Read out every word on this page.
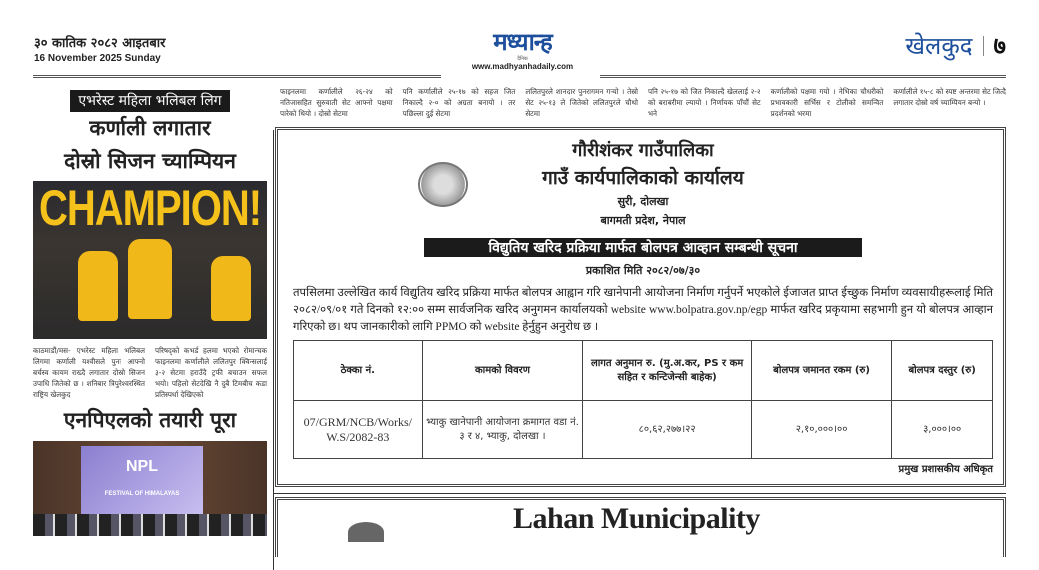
३० कातिक २०८२ आइतबार
16 November 2025 Sunday
मध्यान्ह
दैनिक
www.madhyanhadaily.com
खेलकुद ७
एभरेस्ट महिला भलिबल लिग
कर्णाली लगातार
दोस्रो सिजन च्याम्पियन
CHAMPION!
काठमाडौं/मस- एभरेस्ट महिला भलिबल लिगमा कर्णाली यश्वीसले पुनः आफ्नो बर्चस्व कायम राख्दै लगातार दोस्रो सिजन उपाधि जितेको छ । शनिबार त्रिपुरेश्वरस्थित राष्ट्रिय खेलकुद
परिषद्को कभर्ड हलमा भएको रोमान्चक फाइनलमा कर्णालीले ललितपुर क्विन्सलाई ३-२ सेटमा हराउँदै ट्रफी बचाउन सफल भयो। पहिलो सेटदेखि नै दुबै टिमबीच कडा प्रतिस्पर्धा देखिएको
एनपिएलको तयारी पूरा
NPL
FESTIVAL OF HIMALAYAS
फाइनलमा कर्णालीले २६-२४ को नतिजासहित सुरुवाती सेट आफ्नो पक्षमा पारेको थियो । दोस्रो सेटमा
पनि कर्णालीले २५-१७ को सहज जित निकाल्दै २-० को अग्रता बनायो । तर पछिल्ला दुई सेटमा
ललितपुरले शानदार पुनरागमन गर्‍यो । तेस्रो सेट २५-१३ ले जितेको ललितपुरले चौथो सेटमा
पनि २५-१७ को जित निकाल्दै खेललाई २-२ को बराबरीमा ल्यायो । निर्णायक पाँचौं सेट भने
कर्णालीको पक्षमा गयो । नेभिका चौधरीको प्रभावकारी सर्भिस र टोलीको समन्वित प्रदर्शनको भरमा
कर्णालीले १५-८ को स्पष्ट अन्तरमा सेट जित्दै लगातार दोस्रो वर्ष च्याम्पियन बन्यो ।
गौरीशंकर गाउँपालिका
गाउँ कार्यपालिकाको कार्यालय
सुरी, दोलखा
बागमती प्रदेश, नेपाल
विद्युतिय खरिद प्रक्रिया मार्फत बोलपत्र आव्हान सम्बन्धी सूचना
प्रकाशित मिति २०८२/०७/३०
तपसिलमा उल्लेखित कार्य विद्युतिय खरिद प्रक्रिया मार्फत बोलपत्र आह्वान गरि खानेपानी आयोजना निर्माण गर्नुपर्ने भएकोले ईजाजत प्राप्त ईच्छुक निर्माण व्यवसायीहरूलाई मिति २०८२/०९/०१ गते दिनको १२:०० सम्म सार्वजनिक खरिद अनुगमन कार्यालयको website www.bolpatra.gov.np/egp मार्फत खरिद प्रकृयामा सहभागी हुन यो बोलपत्र आव्हान गरिएको छ। थप जानकारीको लागि PPMO को website हेर्नुहुन अनुरोध छ ।
ठेक्का नं.	कामको विवरण	लागत अनुमान रु. (मु.अ.कर, PS र कम सहित र कन्टिजेन्सी बाहेक)	बोलपत्र जमानत रकम (रु)	बोलपत्र दस्तुर (रु)
07/GRM/NCB/Works/ W.S/2082-83	भ्याकु खानेपानी आयोजना क्रमागत वडा नं. ३ र ४, भ्याकु, दोलखा ।	८०,६२,२७७।२२	२,१०,०००।००	३,०००।००
प्रमुख प्रशासकीय अधिकृत
Lahan Municipality
